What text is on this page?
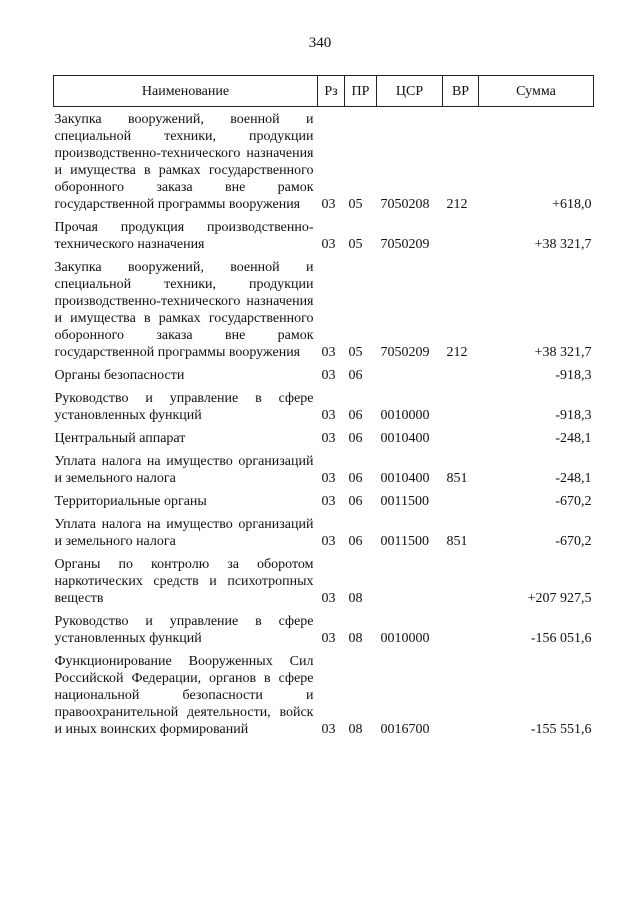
340
Наименование	Рз	ПР	ЦСР	ВР	Сумма
Закупка вооружений, военной и специальной техники, продукции производственно-технического назначения и имущества в рамках государственного оборонного заказа вне рамок государственной программы вооружения	03	05	7050208	212	+618,0
Прочая продукция производственно-технического назначения	03	05	7050209		+38 321,7
Закупка вооружений, военной и специальной техники, продукции производственно-технического назначения и имущества в рамках государственного оборонного заказа вне рамок государственной программы вооружения	03	05	7050209	212	+38 321,7
Органы безопасности	03	06			-918,3
Руководство и управление в сфере установленных функций	03	06	0010000		-918,3
Центральный аппарат	03	06	0010400		-248,1
Уплата налога на имущество организаций и земельного налога	03	06	0010400	851	-248,1
Территориальные органы	03	06	0011500		-670,2
Уплата налога на имущество организаций и земельного налога	03	06	0011500	851	-670,2
Органы по контролю за оборотом наркотических средств и психотропных веществ	03	08			+207 927,5
Руководство и управление в сфере установленных функций	03	08	0010000		-156 051,6
Функционирование Вооруженных Сил Российской Федерации, органов в сфере национальной безопасности и правоохранительной деятельности, войск и иных воинских формирований	03	08	0016700		-155 551,6
